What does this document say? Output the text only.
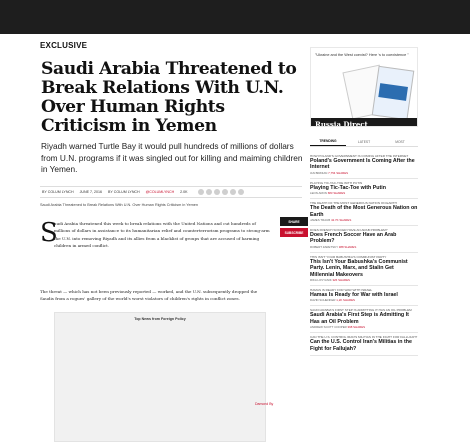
EXCLUSIVE
Saudi Arabia Threatened to Break Relations With U.N. Over Human Rights Criticism in Yemen

Riyadh warned Turtle Bay it would pull hundreds of millions of dollars from U.N. programs if it was singled out for killing and maiming children in Yemen.

BY COLUM LYNCH JUNE 7, 2016 BY COLUM LYNCH @COLUMLYNCH 2.0K
Saudi Arabia Threatened to Break Relations With U.N. Over Human Rights Criticism in Yemen
S

audi Arabia threatened this week to break relations with the United Nations and cut hundreds of millions of dollars in assistance to its humanitarian relief and counterterrorism programs to strong-arm the U.N. into removing Riyadh and its allies from a blacklist of groups that are accused of harming children in armed conflict.

The threat — which has not been previously reported — worked, and the U.N. subsequently dropped the Saudis from a rogues' gallery of the world's worst violators of children's rights in conflict zones.

SHARE
SUBSCRIBE
Top News from Foreign Policy
Damond By
"Ukraine and the West coexist? Here ‘s to coexistence "
Russia Direct
TRENDING	LATEST	MOST
HOW POLAND'S GOVERNMENT IS COMING AFTER THE INTERNET
Poland's Government Is Coming After the Internet
IAN BIRDIAN 7,754 SHARES
PLAYING TIC-TAC-TOE WITH PUTIN
Playing Tic-Tac-Toe with Putin
LEON ARON 683 SHARES
THE DEATH OF THE MOST GENEROUS NATION ON EARTH
The Death of the Most Generous Nation on Earth
JAMES TRAUB 42.7K SHARES
DOES FRENCH SOCCER HAVE AN ARAB PROBLEM?
Does French Soccer Have an Arab Problem?
ROBERT ZARETSKY 388 SHARES
THIS ISN'T YOUR BABUSHKA'S COMMUNIST PARTY
This Isn't Your Babushka's Communist Party. Lenin, Marx, and Stalin Get Millennial Makeovers
RIKA LOVYANIK 326 SHARES
HAMAS IS READY FOR WAR WITH ISRAEL
Hamas Is Ready for War with Israel
DAVID SCHENKER 1,2K SHARES
SAUDI ARABIA'S FIRST STEP IS ADMITTING IT HAS AN OIL PROBLEM
Saudi Arabia's First Step is Admitting It Has an Oil Problem
ANDREW SCOTT COOPER 398 SHARES
CAN THE U.S. CONTROL IRAN'S MILITIAS IN THE FIGHT FOR FALLUJAH?
Can the U.S. Control Iran's Militias in the Fight for Fallujah?
